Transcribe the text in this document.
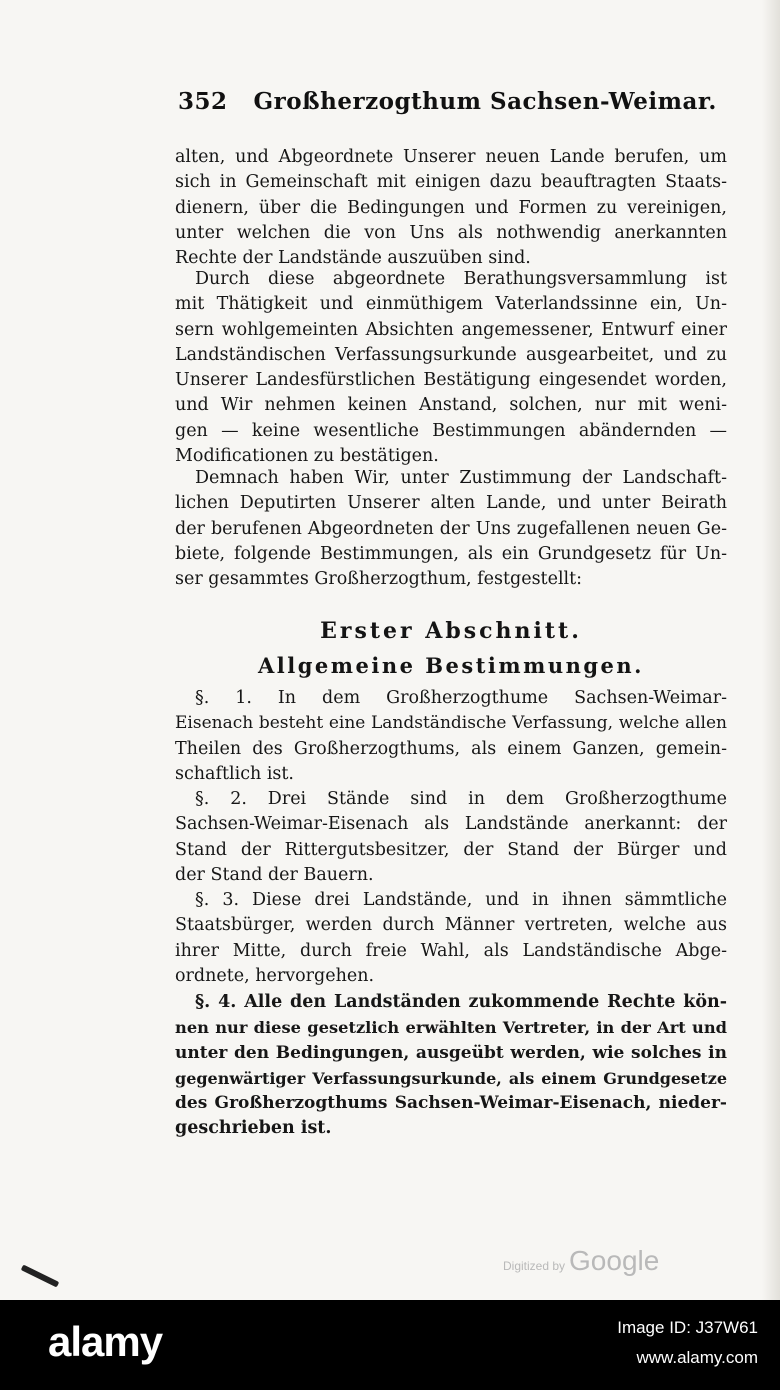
352 Großherzogthum Sachsen-Weimar.
alten, und Abgeordnete Unserer neuen Lande berufen, um
sich in Gemeinschaft mit einigen dazu beauftragten Staats-
dienern, über die Bedingungen und Formen zu vereinigen,
unter welchen die von Uns als nothwendig anerkannten
Rechte der Landstände auszuüben sind.
Durch diese abgeordnete Berathungsversammlung ist
mit Thätigkeit und einmüthigem Vaterlandssinne ein, Un-
sern wohlgemeinten Absichten angemessener, Entwurf einer
Landständischen Verfassungsurkunde ausgearbeitet, und zu
Unserer Landesfürstlichen Bestätigung eingesendet worden,
und Wir nehmen keinen Anstand, solchen, nur mit weni-
gen — keine wesentliche Bestimmungen abändernden —
Modificationen zu bestätigen.
Demnach haben Wir, unter Zustimmung der Landschaft-
lichen Deputirten Unserer alten Lande, und unter Beirath
der berufenen Abgeordneten der Uns zugefallenen neuen Ge-
biete, folgende Bestimmungen, als ein Grundgesetz für Un-
ser gesammtes Großherzogthum, festgestellt:
Erster Abschnitt.
Allgemeine Bestimmungen.
§. 1. In dem Großherzogthume Sachsen-Weimar-
Eisenach besteht eine Landständische Verfassung, welche allen
Theilen des Großherzogthums, als einem Ganzen, gemein-
schaftlich ist.
§. 2. Drei Stände sind in dem Großherzogthume
Sachsen-Weimar-Eisenach als Landstände anerkannt: der
Stand der Rittergutsbesitzer, der Stand der Bürger und
der Stand der Bauern.
§. 3. Diese drei Landstände, und in ihnen sämmtliche
Staatsbürger, werden durch Männer vertreten, welche aus
ihrer Mitte, durch freie Wahl, als Landständische Abge-
ordnete, hervorgehen.
§. 4. Alle den Landständen zukommende Rechte kön-
nen nur diese gesetzlich erwählten Vertreter, in der Art und
unter den Bedingungen, ausgeübt werden, wie solches in
gegenwärtiger Verfassungsurkunde, als einem Grundgesetze
des Großherzogthums Sachsen-Weimar-Eisenach, nieder-
geschrieben ist.
Digitized by Google
alamy	Image ID: J37W61
www.alamy.com
